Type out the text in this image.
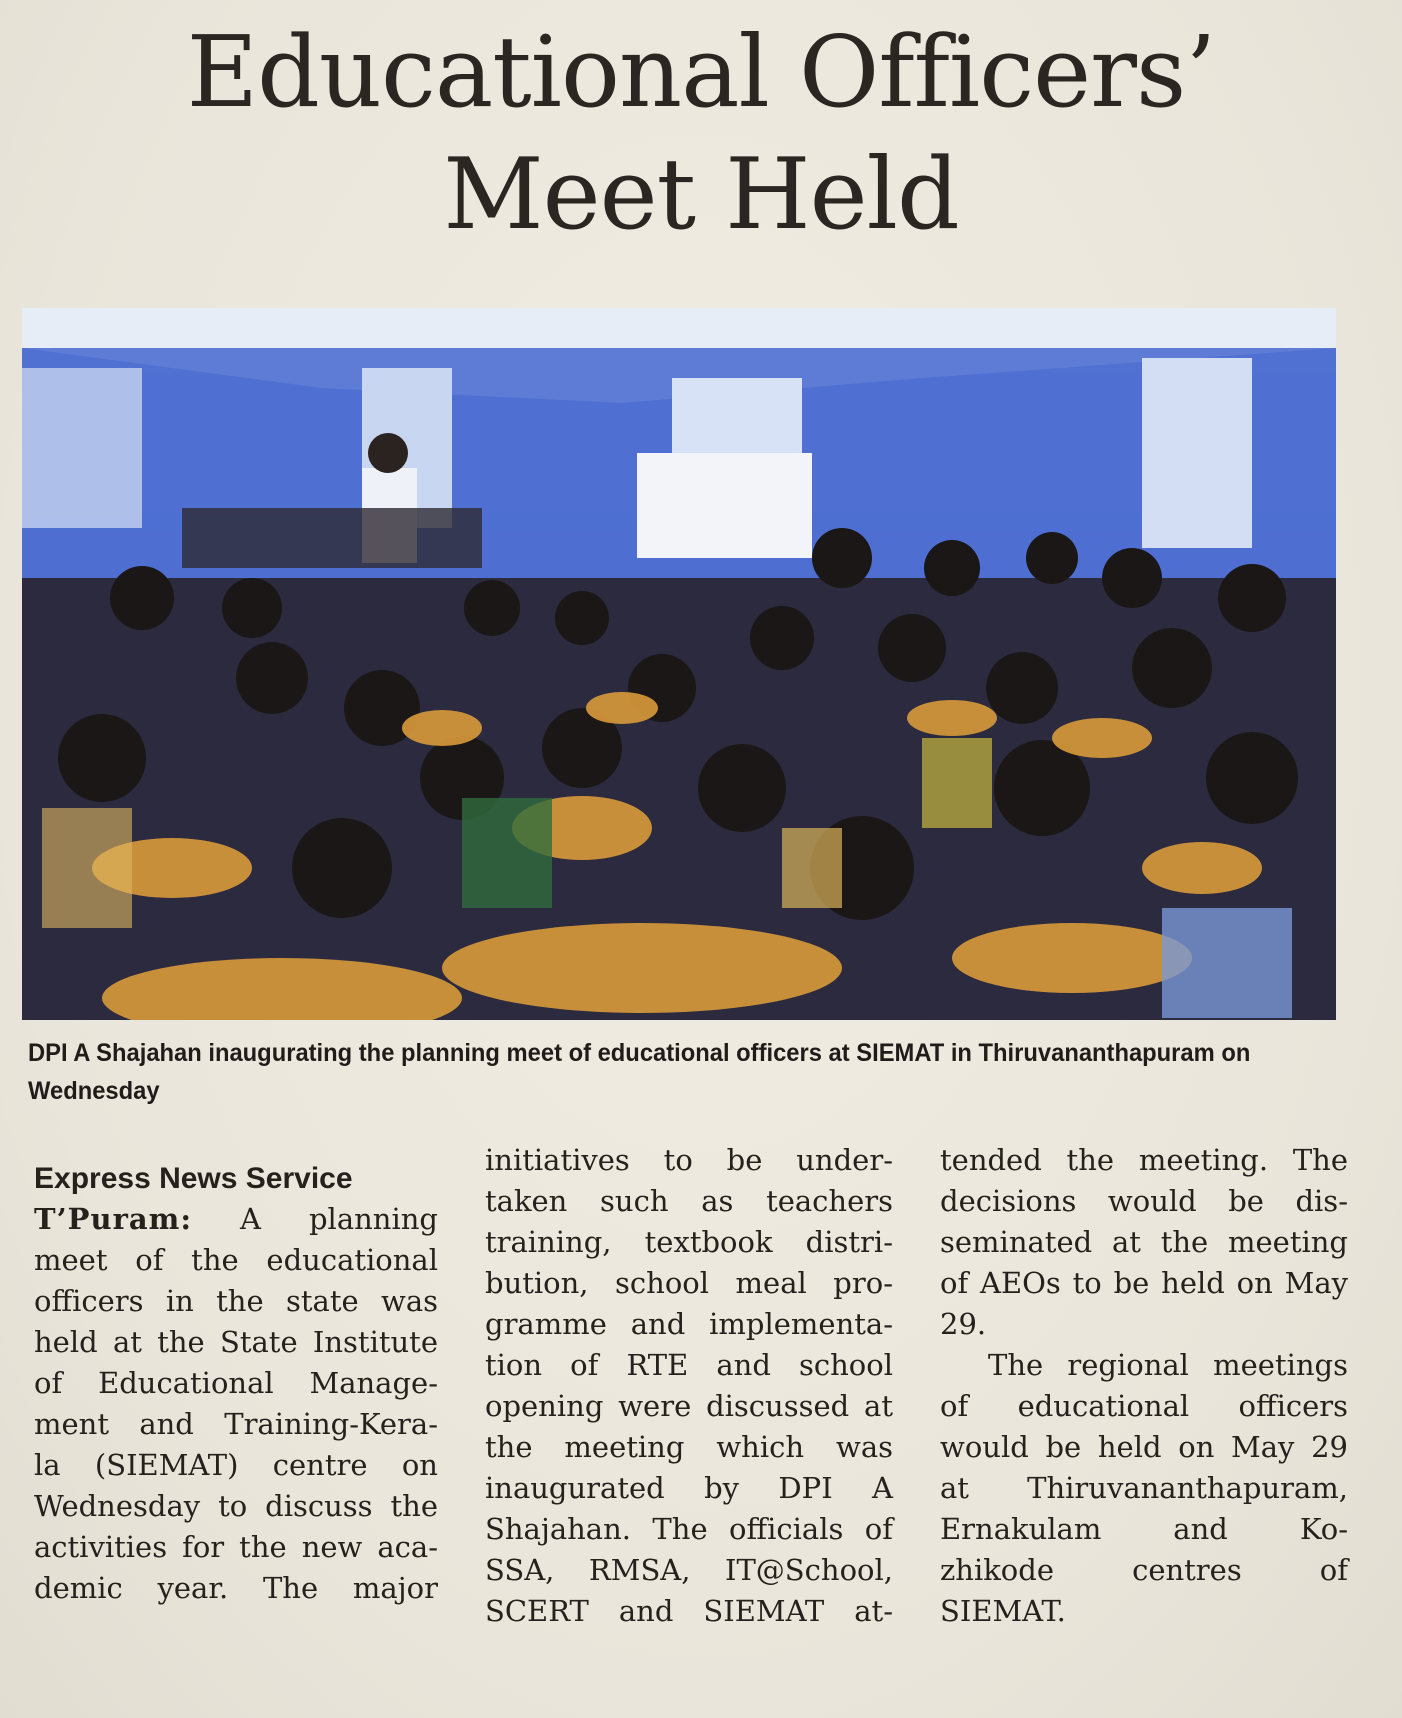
Educational Officers’
Meet Held

DPI A Shajahan inaugurating the planning meet of educational officers at SIEMAT in Thiruvananthapuram on Wednesday

Express News Service

T’Puram: A planning
meet of the educational
officers in the state was
held at the State Institute
of Educational Manage-
ment and Training-Kera-
la (SIEMAT) centre on
Wednesday to discuss the
activities for the new aca-
demic year. The major
initiatives to be under-
taken such as teachers
training, textbook distri-
bution, school meal pro-
gramme and implementa-
tion of RTE and school
opening were discussed at
the meeting which was
inaugurated by DPI A
Shajahan. The officials of
SSA, RMSA, IT@School,
SCERT and SIEMAT at-
tended the meeting. The
decisions would be dis-
seminated at the meeting
of AEOs to be held on May
29.
The regional meetings
of educational officers
would be held on May 29
at Thiruvananthapuram,
Ernakulam and Ko-
zhikode centres of
SIEMAT.
